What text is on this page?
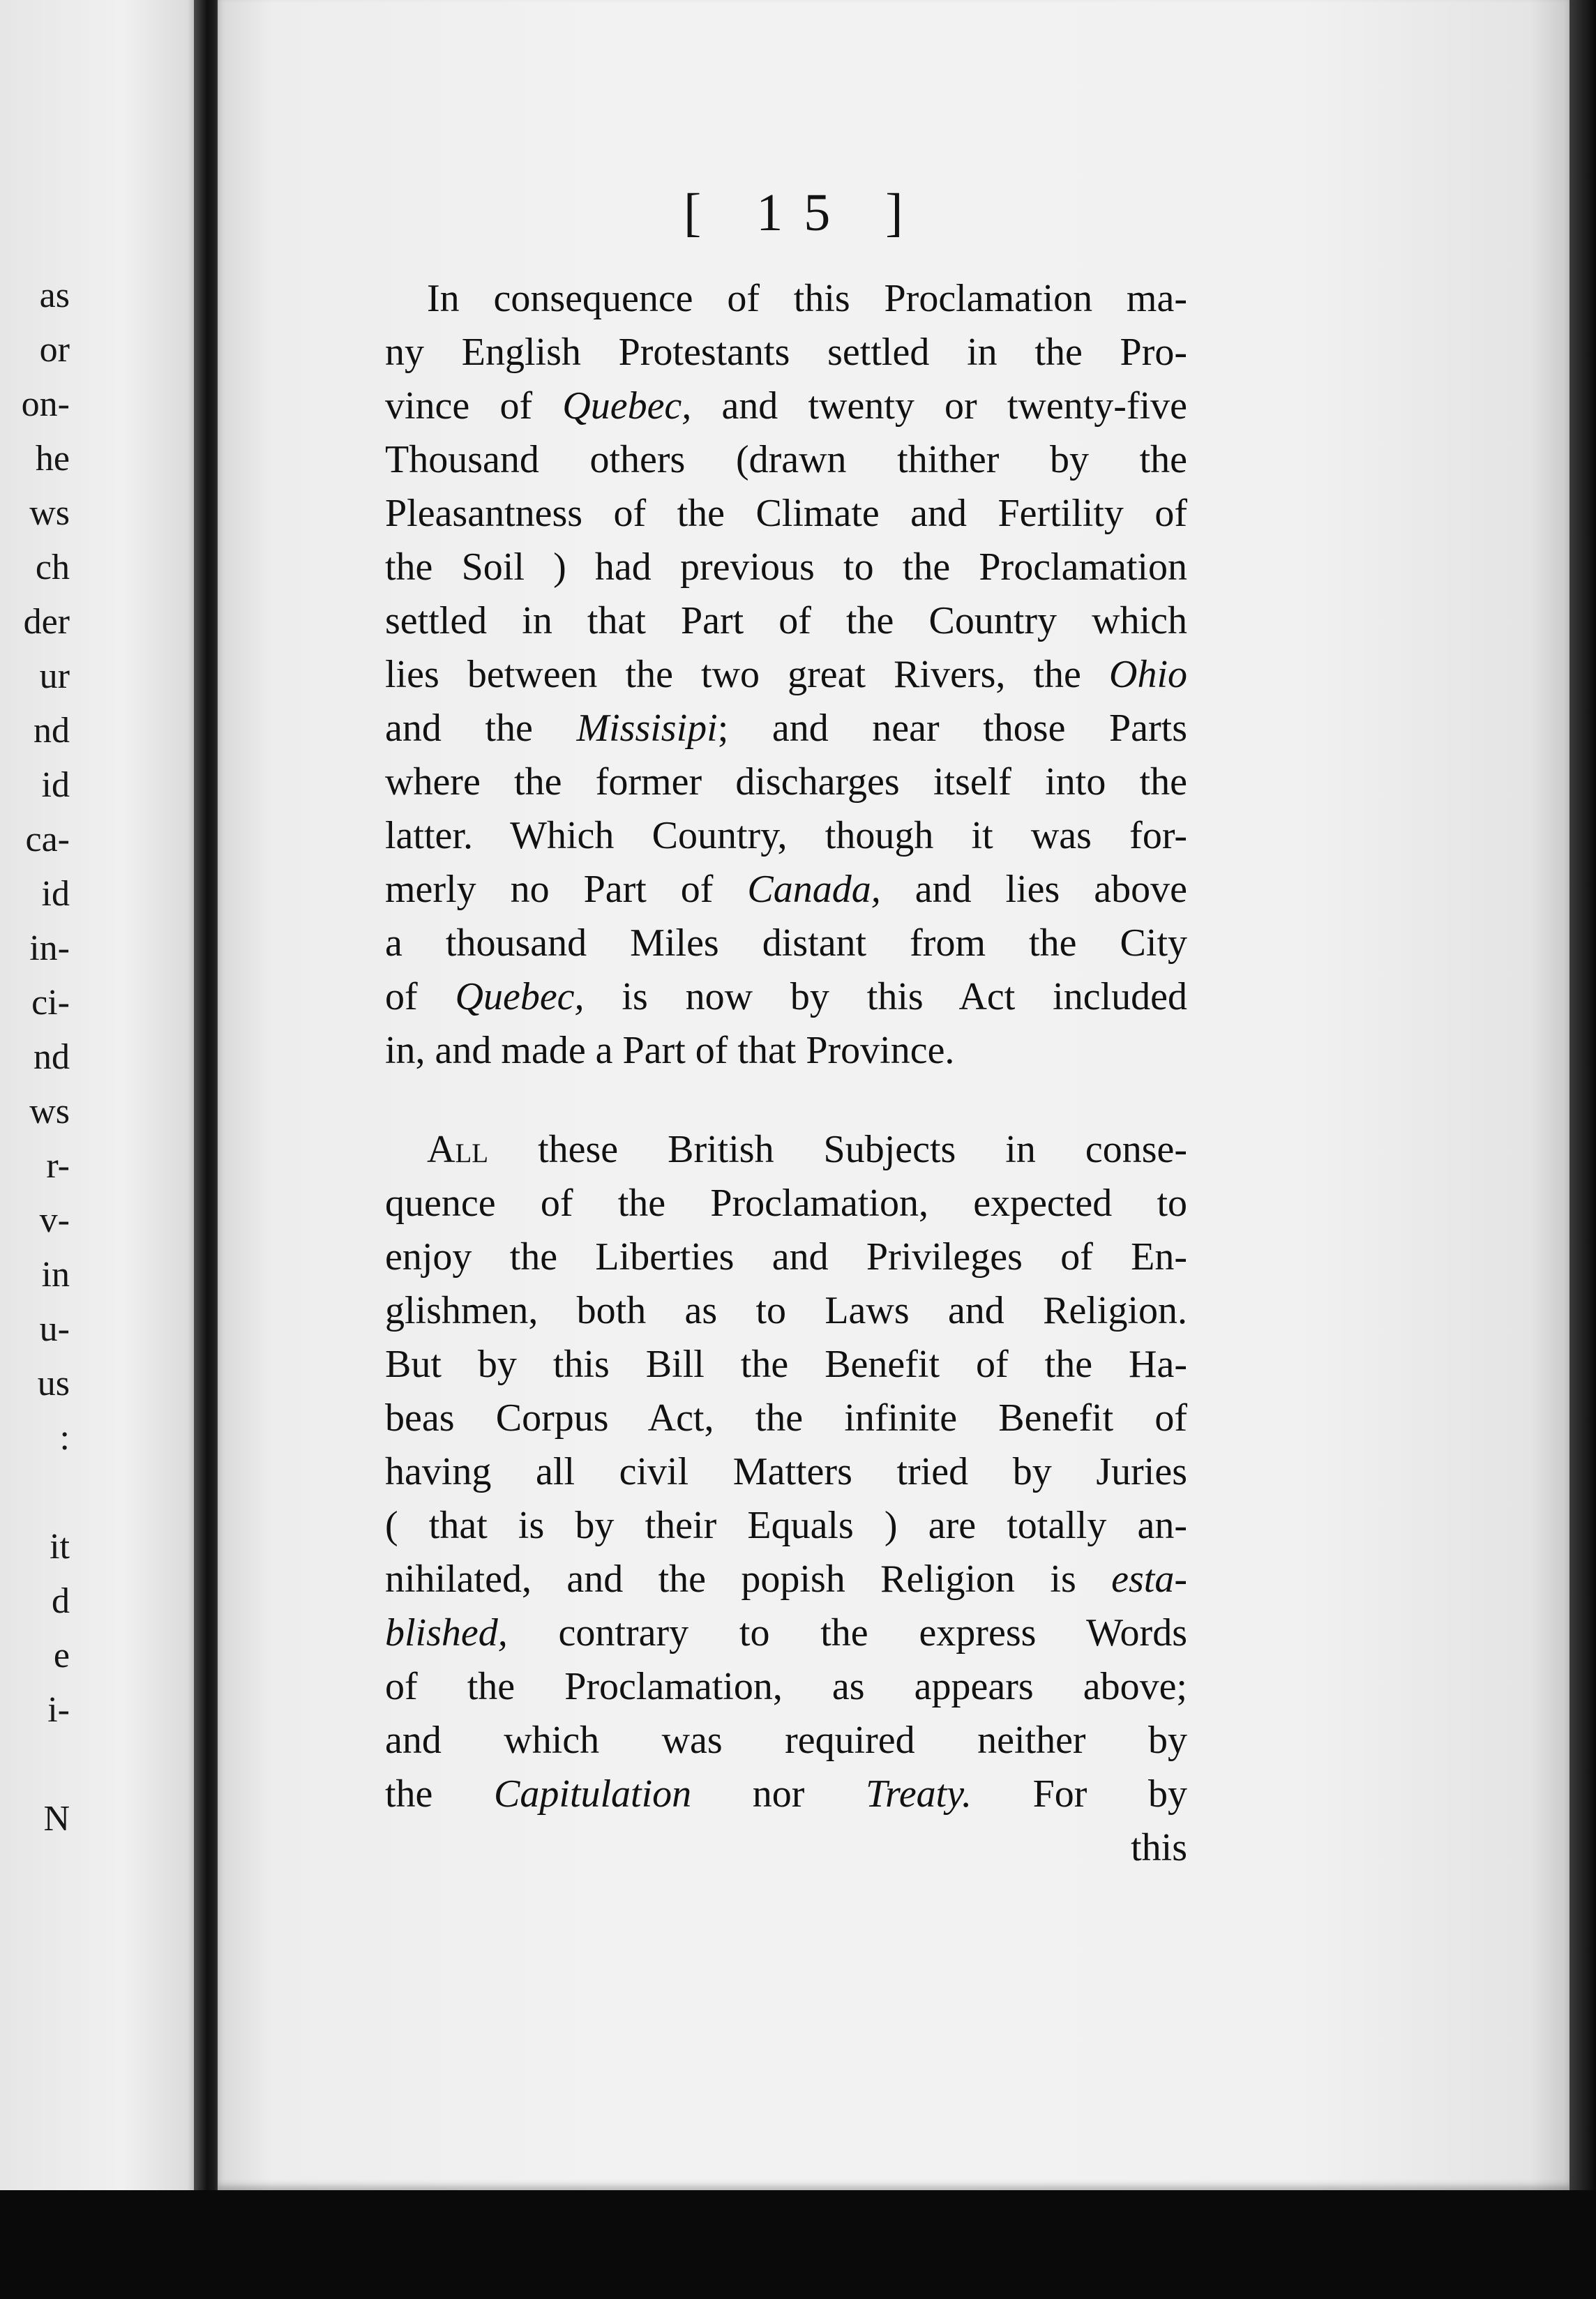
as
or
on-
he
ws
ch
der
ur
nd
id
ca-
id
in-
ci-
nd
ws
r-
v-
in
u-
us
:
it
d
e
i-
N
[ 15 ]
In consequence of this Proclamation ma-
ny English Protestants settled in the Pro-
vince of Quebec, and twenty or twenty-five
Thousand others (drawn thither by the
Pleasantness of the Climate and Fertility of
the Soil ) had previous to the Proclamation
settled in that Part of the Country which
lies between the two great Rivers, the Ohio
and the Missisipi; and near those Parts
where the former discharges itself into the
latter. Which Country, though it was for-
merly no Part of Canada, and lies above
a thousand Miles distant from the City
of Quebec, is now by this Act included
in, and made a Part of that Province.
All these British Subjects in conse-
quence of the Proclamation, expected to
enjoy the Liberties and Privileges of En-
glishmen, both as to Laws and Religion.
But by this Bill the Benefit of the Ha-
beas Corpus Act, the infinite Benefit of
having all civil Matters tried by Juries
( that is by their Equals ) are totally an-
nihilated, and the popish Religion is esta-
blished, contrary to the express Words
of the Proclamation, as appears above;
and which was required neither by
the Capitulation nor Treaty. For by
this
